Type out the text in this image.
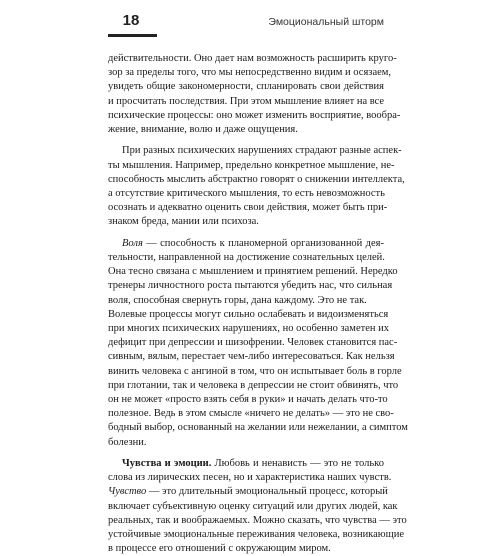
18	Эмоциональный шторм
действительности. Оно дает нам возможность расширить круго-
зор за пределы того, что мы непосредственно видим и осязаем,
увидеть общие закономерности, спланировать свои действия
и просчитать последствия. При этом мышление влияет на все
психические процессы: оно может изменить восприятие, вообра-
жение, внимание, волю и даже ощущения.
При разных психических нарушениях страдают разные аспек-
ты мышления. Например, предельно конкретное мышление, не-
способность мыслить абстрактно говорят о снижении интеллекта,
а отсутствие критического мышления, то есть невозможность
осознать и адекватно оценить свои действия, может быть при-
знаком бреда, мании или психоза.
Воля — способность к планомерной организованной дея-
тельности, направленной на достижение сознательных целей.
Она тесно связана с мышлением и принятием решений. Нередко
тренеры личностного роста пытаются убедить нас, что сильная
воля, способная свернуть горы, дана каждому. Это не так.
Волевые процессы могут сильно ослабевать и видоизменяться
при многих психических нарушениях, но особенно заметен их
дефицит при депрессии и шизофрении. Человек становится пас-
сивным, вялым, перестает чем-либо интересоваться. Как нельзя
винить человека с ангиной в том, что он испытывает боль в горле
при глотании, так и человека в депрессии не стоит обвинять, что
он не может «просто взять себя в руки» и начать делать что-то
полезное. Ведь в этом смысле «ничего не делать» — это не сво-
бодный выбор, основанный на желании или нежелании, а симптом
болезни.
Чувства и эмоции. Любовь и ненависть — это не только
слова из лирических песен, но и характеристика наших чувств.
Чувство — это длительный эмоциональный процесс, который
включает субъективную оценку ситуаций или других людей, как
реальных, так и воображаемых. Можно сказать, что чувства — это
устойчивые эмоциональные переживания человека, возникающие
в процессе его отношений с окружающим миром.
